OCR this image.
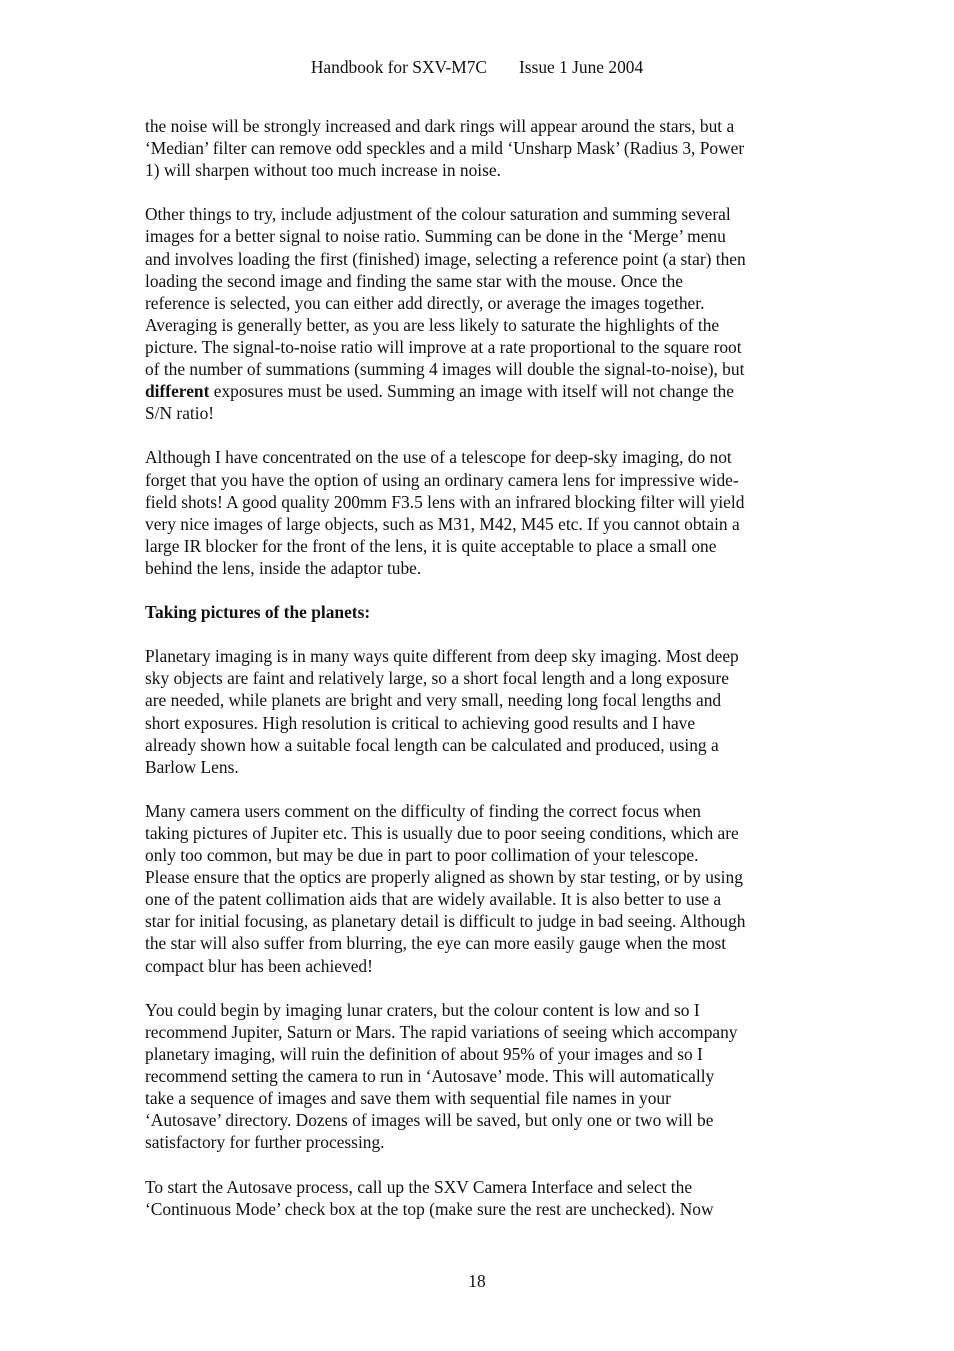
Handbook for SXV-M7C Issue 1 June 2004

the noise will be strongly increased and dark rings will appear around the stars, but a
‘Median’ filter can remove odd speckles and a mild ‘Unsharp Mask’ (Radius 3, Power
1) will sharpen without too much increase in noise.

Other things to try, include adjustment of the colour saturation and summing several
images for a better signal to noise ratio. Summing can be done in the ‘Merge’ menu
and involves loading the first (finished) image, selecting a reference point (a star) then
loading the second image and finding the same star with the mouse. Once the
reference is selected, you can either add directly, or average the images together.
Averaging is generally better, as you are less likely to saturate the highlights of the
picture. The signal-to-noise ratio will improve at a rate proportional to the square root
of the number of summations (summing 4 images will double the signal-to-noise), but
different exposures must be used. Summing an image with itself will not change the
S/N ratio!

Although I have concentrated on the use of a telescope for deep-sky imaging, do not
forget that you have the option of using an ordinary camera lens for impressive wide-
field shots! A good quality 200mm F3.5 lens with an infrared blocking filter will yield
very nice images of large objects, such as M31, M42, M45 etc. If you cannot obtain a
large IR blocker for the front of the lens, it is quite acceptable to place a small one
behind the lens, inside the adaptor tube.

Taking pictures of the planets:

Planetary imaging is in many ways quite different from deep sky imaging. Most deep
sky objects are faint and relatively large, so a short focal length and a long exposure
are needed, while planets are bright and very small, needing long focal lengths and
short exposures. High resolution is critical to achieving good results and I have
already shown how a suitable focal length can be calculated and produced, using a
Barlow Lens.

Many camera users comment on the difficulty of finding the correct focus when
taking pictures of Jupiter etc. This is usually due to poor seeing conditions, which are
only too common, but may be due in part to poor collimation of your telescope.
Please ensure that the optics are properly aligned as shown by star testing, or by using
one of the patent collimation aids that are widely available. It is also better to use a
star for initial focusing, as planetary detail is difficult to judge in bad seeing. Although
the star will also suffer from blurring, the eye can more easily gauge when the most
compact blur has been achieved!

You could begin by imaging lunar craters, but the colour content is low and so I
recommend Jupiter, Saturn or Mars. The rapid variations of seeing which accompany
planetary imaging, will ruin the definition of about 95% of your images and so I
recommend setting the camera to run in ‘Autosave’ mode. This will automatically
take a sequence of images and save them with sequential file names in your
‘Autosave’ directory. Dozens of images will be saved, but only one or two will be
satisfactory for further processing.

To start the Autosave process, call up the SXV Camera Interface and select the
‘Continuous Mode’ check box at the top (make sure the rest are unchecked). Now

18
